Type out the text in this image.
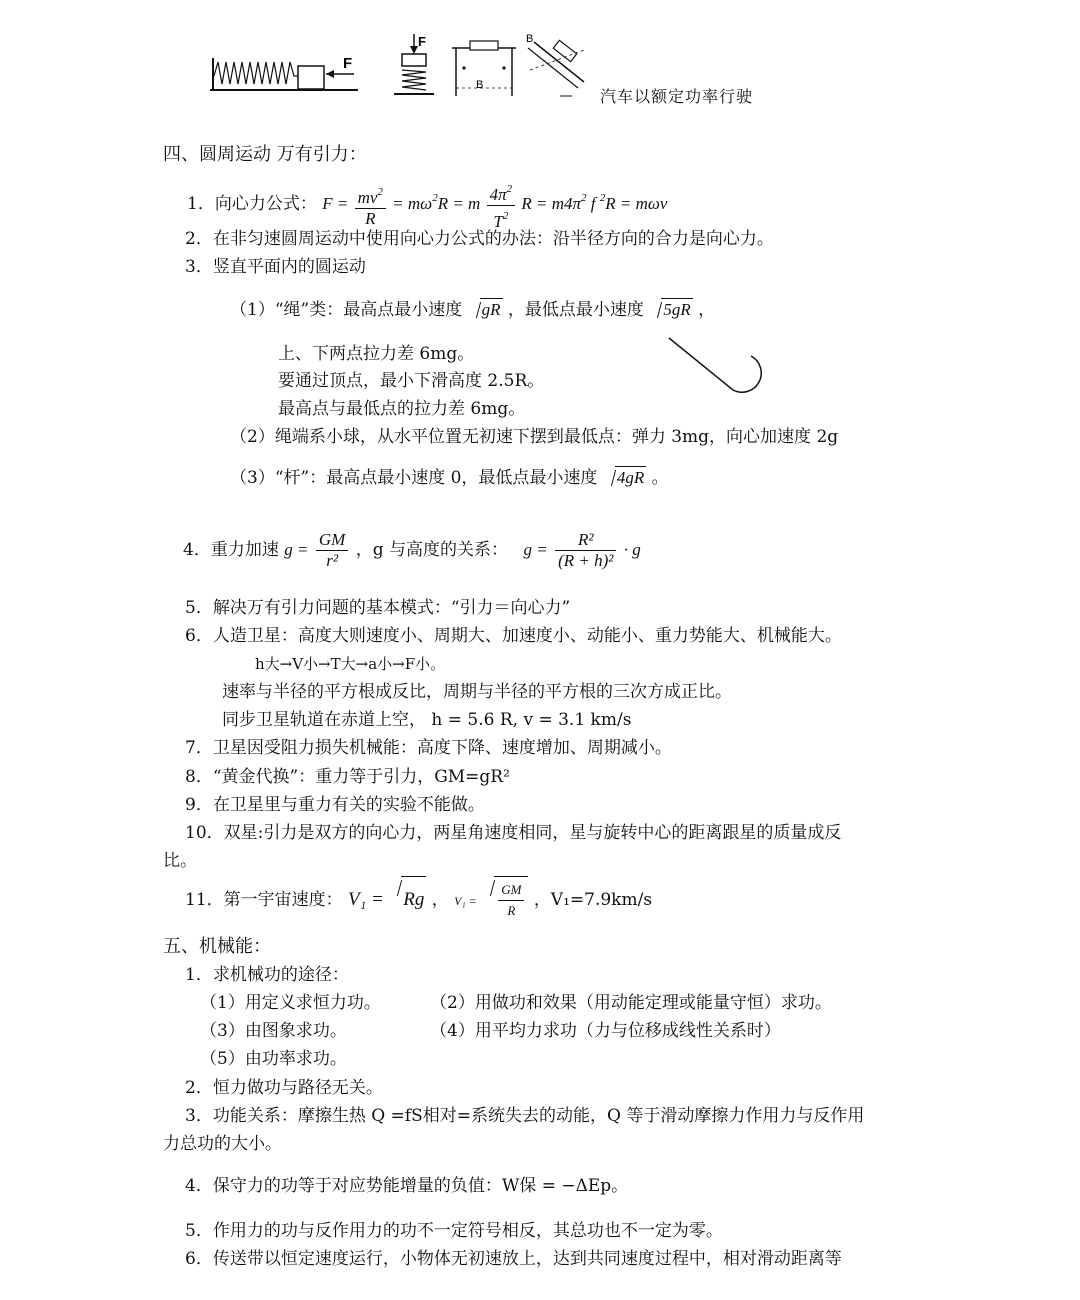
F
F
B
B
汽车以额定功率行驶
四、圆周运动 万有引力：
1．向心力公式： $F = \frac{mv^2}{R} = m\omega^2R = m \frac{4\pi^2}{T^2}$ $R = m4\pi^2$ f $^2$R = mωv
2．在非匀速圆周运动中使用向心力公式的办法：沿半径方向的合力是向心力。
3．竖直平面内的圆运动
（1）“绳”类：最高点最小速度 gR ，最低点最小速度 5gR ，
上、下两点拉力差 6mg。
要通过顶点，最小下滑高度 2.5R。
最高点与最低点的拉力差 6mg。
（2）绳端系小球，从水平位置无初速下摆到最低点：弹力 3mg，向心加速度 2g
（3）“杆”：最高点最小速度 0，最低点最小速度 4gR 。
4．重力加速 $g = \frac{GM}{\text{r²}}$ ，g 与高度的关系： $g = \frac{\text{R²}}{\text{(R + h)²}} \cdot g$
5．解决万有引力问题的基本模式：“引力＝向心力”
6．人造卫星：高度大则速度小、周期大、加速度小、动能小、重力势能大、机械能大。
h大→V小→T大→a小→F小。
速率与半径的平方根成反比，周期与半径的平方根的三次方成正比。
同步卫星轨道在赤道上空， h = 5.6 R, v = 3.1 km/s
7．卫星因受阻力损失机械能：高度下降、速度增加、周期减小。
8．“黄金代换”：重力等于引力，GM=gR²
9．在卫星里与重力有关的实验不能做。
10．双星:引力是双方的向心力，两星角速度相同，星与旋转中心的距离跟星的质量成反
比。
11．第一宇宙速度： V₁ = Rg ， $V_1 = \frac{GM}{R}$ ，V₁=7.9km/s
五、机械能：
1．求机械功的途径：
（1）用定义求恒力功。	（2）用做功和效果（用动能定理或能量守恒）求功。
（3）由图象求功。	（4）用平均力求功（力与位移成线性关系时）
（5）由功率求功。
2．恒力做功与路径无关。
3．功能关系：摩擦生热 Q =fS相对=系统失去的动能，Q 等于滑动摩擦力作用力与反作用
力总功的大小。
4．保守力的功等于对应势能增量的负值：W保 = −ΔEp。
5．作用力的功与反作用力的功不一定符号相反，其总功也不一定为零。
6．传送带以恒定速度运行，小物体无初速放上，达到共同速度过程中，相对滑动距离等
